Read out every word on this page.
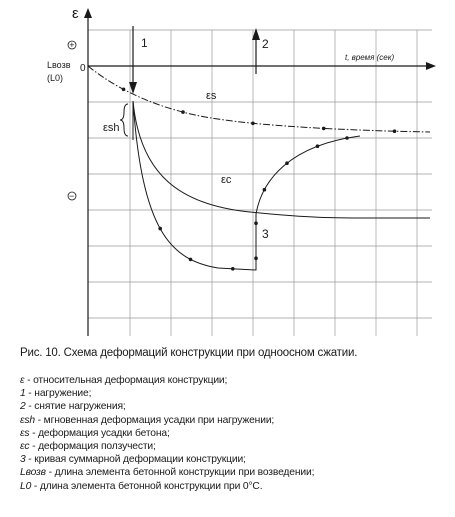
ε
+
−
Lвозв
(L0)
0
t, время (сек)
1	2
εsh
εs
εc
3
Рис. 10. Схема деформаций конструкции при одноосном сжатии.
ε - относительная деформация конструкции;
1 - нагружение;
2 - снятие нагружения;
εsh - мгновенная деформация усадки при нагружении;
εs - деформация усадки бетона;
εc - деформация ползучести;
3 - кривая суммарной деформации конструкции;
Lвозв - длина элемента бетонной конструкции при возведении;
L0 - длина элемента бетонной конструкции при 0°С.
